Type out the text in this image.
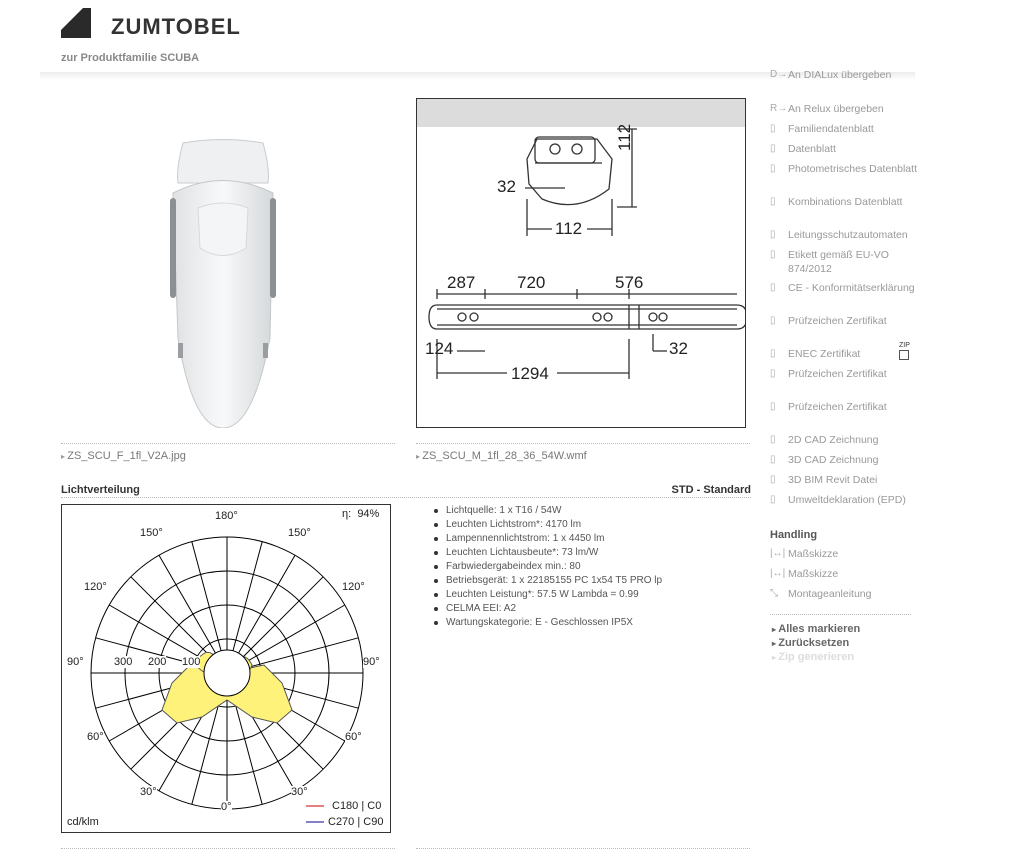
ZUMTOBEL
zur Produktfamilie SCUBA
112
32
112
287 720	576
124	32
1294
▸ ZS_SCU_F_1fl_V2A.jpg
▸	ZS_SCU_M_1fl_28_36_54W.wmf
Lichtverteilung	STD - Standard
η: 94%
180°
150°	150°
120°	120°
90°	300 200 100	90°
60°	60°
30°	30°
0°
cd/klm
C180 | C0
C270 | C90
Lichtquelle: 1 x T16 / 54W
Leuchten Lichtstrom*: 4170 lm
Lampennennlichtstrom: 1 x 4450 lm
Leuchten Lichtausbeute*: 73 lm/W
Farbwiedergabeindex min.: 80
Betriebsgerät: 1 x 22185155 PC 1x54 T5 PRO lp
Leuchten Leistung*: 57.5 W Lambda = 0.99
CELMA EEI: A2
Wartungskategorie: E - Geschlossen IP5X
D→ An DIALux übergeben
R→ An Relux übergeben
▯	Familiendatenblatt
▯	Datenblatt
▯	Photometrisches Datenblatt
▯	Kombinations Datenblatt
▯	Leitungsschutzautomaten
▯	Etikett gemäß EU-VO 874/2012
▯	CE - Konformitätserklärung
▯	Prüfzeichen Zertifikat
▯	ENEC Zertifikat
▯	Prüfzeichen Zertifikat
▯	Prüfzeichen Zertifikat
▯	2D CAD Zeichnung
▯	3D CAD Zeichnung
▯	3D BIM Revit Datei
▯	Umweltdeklaration (EPD)
ZIP
Handling
|↔| Maßskizze
|↔| Maßskizze
⤡ Montageanleitung
▸ Alles markieren
▸ Zurücksetzen
▸ Zip generieren
